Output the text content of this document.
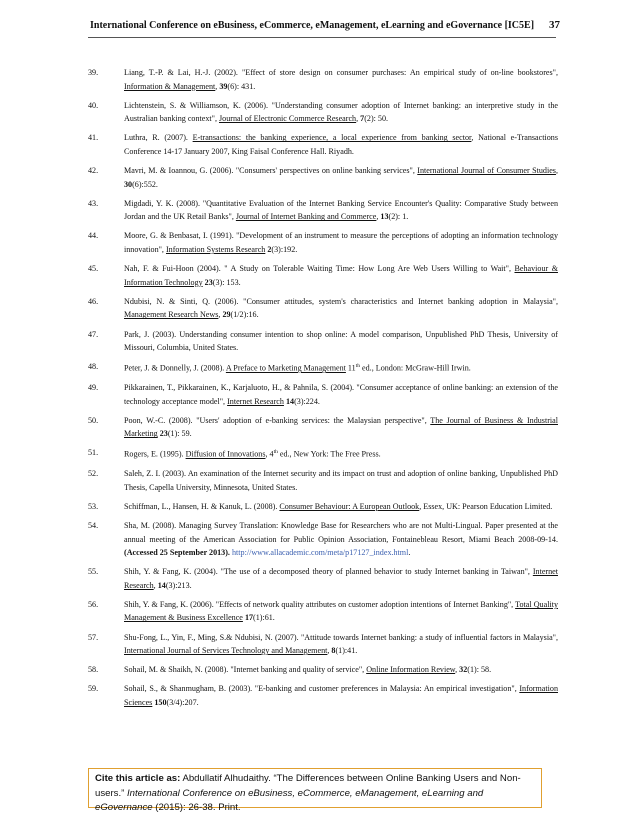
International Conference on eBusiness, eCommerce, eManagement, eLearning and eGovernance [IC5E] 37
39.	Liang, T.-P. & Lai, H.-J. (2002). "Effect of store design on consumer purchases: An empirical study of on-line bookstores", Information & Management, 39(6): 431.
40.	Lichtenstein, S. & Williamson, K. (2006). "Understanding consumer adoption of Internet banking: an interpretive study in the Australian banking context", Journal of Electronic Commerce Research, 7(2): 50.
41.	Luthra, R. (2007). E-transactions: the banking experience, a local experience from banking sector, National e-Transactions Conference 14-17 January 2007, King Faisal Conference Hall. Riyadh.
42.	Mavri, M. & Ioannou, G. (2006). "Consumers' perspectives on online banking services", International Journal of Consumer Studies, 30(6):552.
43.	Migdadi, Y. K. (2008). "Quantitative Evaluation of the Internet Banking Service Encounter's Quality: Comparative Study between Jordan and the UK Retail Banks", Journal of Internet Banking and Commerce, 13(2): 1.
44.	Moore, G. & Benbasat, I. (1991). "Development of an instrument to measure the perceptions of adopting an information technology innovation", Information Systems Research 2(3):192.
45.	Nah, F. & Fui-Hoon (2004). " A Study on Tolerable Waiting Time: How Long Are Web Users Willing to Wait", Behaviour & Information Technology 23(3): 153.
46.	Ndubisi, N. & Sinti, Q. (2006). "Consumer attitudes, system's characteristics and Internet banking adoption in Malaysia", Management Research News, 29(1/2):16.
47.	Park, J. (2003). Understanding consumer intention to shop online: A model comparison, Unpublished PhD Thesis, University of Missouri, Columbia, United States.
48.	Peter, J. & Donnelly, J. (2008). A Preface to Marketing Management 11th ed., London: McGraw-Hill Irwin.
49.	Pikkarainen, T., Pikkarainen, K., Karjaluoto, H., & Pahnila, S. (2004). "Consumer acceptance of online banking: an extension of the technology acceptance model", Internet Research 14(3):224.
50.	Poon, W.-C. (2008). "Users' adoption of e-banking services: the Malaysian perspective", The Journal of Business & Industrial Marketing 23(1): 59.
51.	Rogers, E. (1995). Diffusion of Innovations, 4th ed., New York: The Free Press.
52.	Saleh, Z. I. (2003). An examination of the Internet security and its impact on trust and adoption of online banking, Unpublished PhD Thesis, Capella University, Minnesota, United States.
53.	Schiffman, L., Hansen, H. & Kanuk, L. (2008). Consumer Behaviour: A European Outlook, Essex, UK: Pearson Education Limited.
54.	Sha, M. (2008). Managing Survey Translation: Knowledge Base for Researchers who are not Multi-Lingual. Paper presented at the annual meeting of the American Association for Public Opinion Association, Fontainebleau Resort, Miami Beach 2008-09-14. (Accessed 25 September 2013). http://www.allacademic.com/meta/p17127_index.html.
55.	Shih, Y. & Fang, K. (2004). "The use of a decomposed theory of planned behavior to study Internet banking in Taiwan", Internet Research, 14(3):213.
56.	Shih, Y. & Fang, K. (2006). "Effects of network quality attributes on customer adoption intentions of Internet Banking", Total Quality Management & Business Excellence 17(1):61.
57.	Shu-Fong, L., Yin, F., Ming, S.& Ndubisi, N. (2007). "Attitude towards Internet banking: a study of influential factors in Malaysia", International Journal of Services Technology and Management, 8(1):41.
58.	Sohail, M. & Shaikh, N. (2008). "Internet banking and quality of service", Online Information Review, 32(1): 58.
59.	Sohail, S., & Shanmugham, B. (2003). "E-banking and customer preferences in Malaysia: An empirical investigation", Information Sciences 150(3/4):207.
Cite this article as: Abdullatif Alhudaithy. “The Differences between Online Banking Users and Non-users.” International Conference on eBusiness, eCommerce, eManagement, eLearning and eGovernance (2015): 26-38. Print.
